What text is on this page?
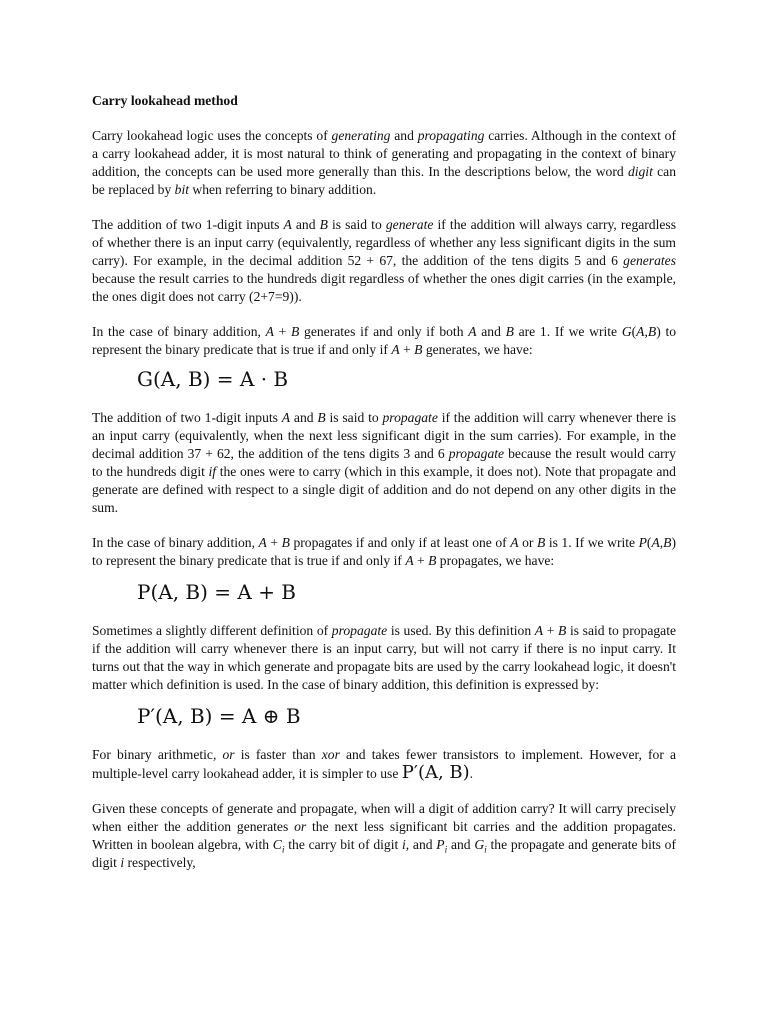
Carry lookahead method

Carry lookahead logic uses the concepts of generating and propagating carries. Although in the context of a carry lookahead adder, it is most natural to think of generating and propagating in the context of binary addition, the concepts can be used more generally than this. In the descriptions below, the word digit can be replaced by bit when referring to binary addition.

The addition of two 1-digit inputs A and B is said to generate if the addition will always carry, regardless of whether there is an input carry (equivalently, regardless of whether any less significant digits in the sum carry). For example, in the decimal addition 52 + 67, the addition of the tens digits 5 and 6 generates because the result carries to the hundreds digit regardless of whether the ones digit carries (in the example, the ones digit does not carry (2+7=9)).

In the case of binary addition, A + B generates if and only if both A and B are 1. If we write G(A,B) to represent the binary predicate that is true if and only if A + B generates, we have:

G(A, B) = A · B

The addition of two 1-digit inputs A and B is said to propagate if the addition will carry whenever there is an input carry (equivalently, when the next less significant digit in the sum carries). For example, in the decimal addition 37 + 62, the addition of the tens digits 3 and 6 propagate because the result would carry to the hundreds digit if the ones were to carry (which in this example, it does not). Note that propagate and generate are defined with respect to a single digit of addition and do not depend on any other digits in the sum.

In the case of binary addition, A + B propagates if and only if at least one of A or B is 1. If we write P(A,B) to represent the binary predicate that is true if and only if A + B propagates, we have:

P(A, B) = A + B

Sometimes a slightly different definition of propagate is used. By this definition A + B is said to propagate if the addition will carry whenever there is an input carry, but will not carry if there is no input carry. It turns out that the way in which generate and propagate bits are used by the carry lookahead logic, it doesn't matter which definition is used. In the case of binary addition, this definition is expressed by:

P′(A, B) = A ⊕ B

For binary arithmetic, or is faster than xor and takes fewer transistors to implement. However, for a multiple-level carry lookahead adder, it is simpler to use P′(A, B).

Given these concepts of generate and propagate, when will a digit of addition carry? It will carry precisely when either the addition generates or the next less significant bit carries and the addition propagates. Written in boolean algebra, with $C_i$ the carry bit of digit i, and $P_i$ and $G_i$ the propagate and generate bits of digit i respectively,
